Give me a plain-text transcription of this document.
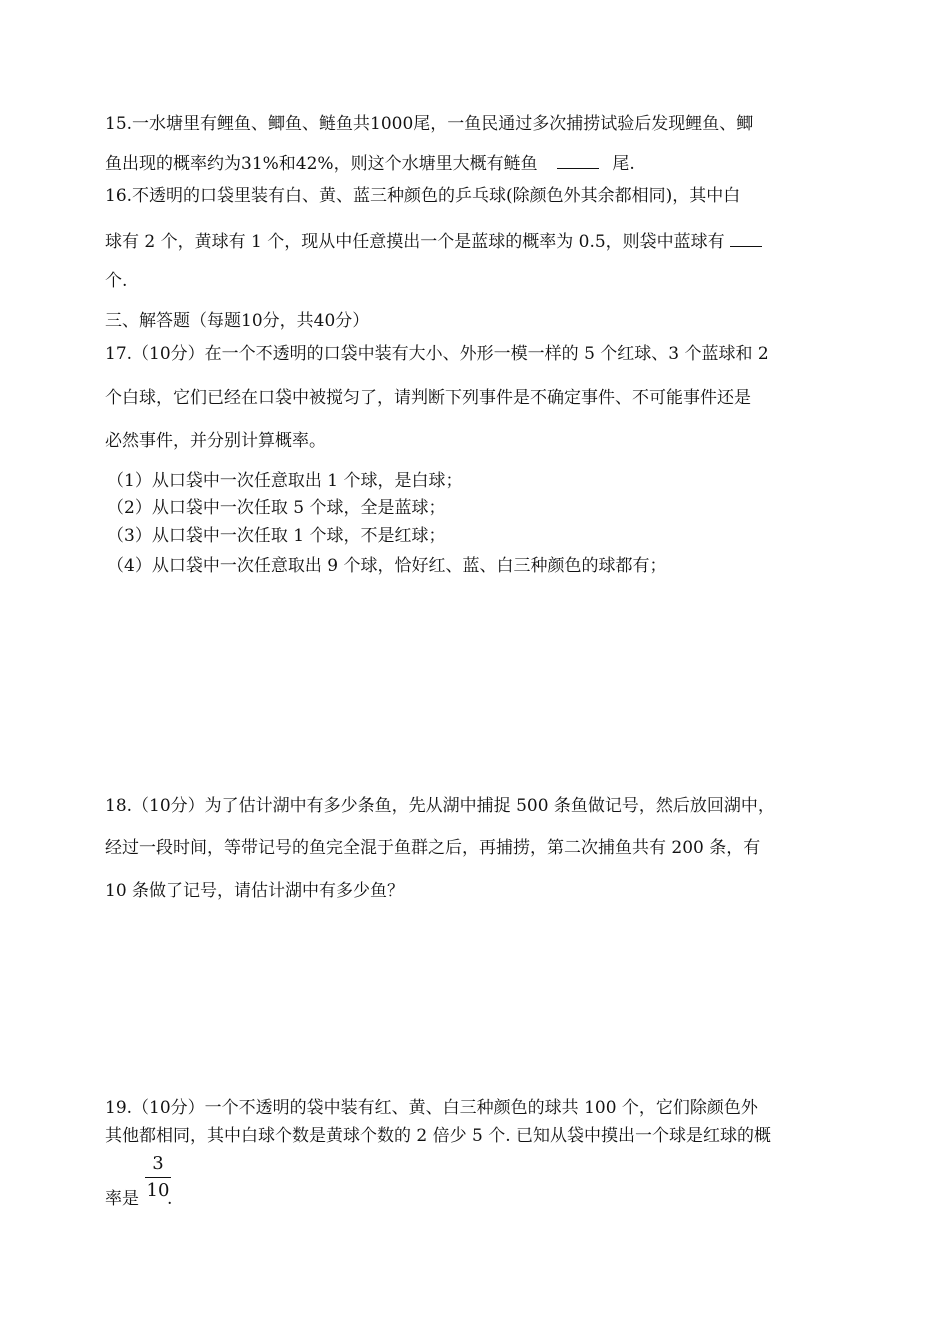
15.一水塘里有鲤鱼、鲫鱼、鲢鱼共1000尾，一鱼民通过多次捕捞试验后发现鲤鱼、鲫
鱼出现的概率约为31%和42%，则这个水塘里大概有鲢鱼	尾.
16.不透明的口袋里装有白、黄、蓝三种颜色的乒乓球(除颜色外其余都相同)，其中白
球有 2 个，黄球有 1 个，现从中任意摸出一个是蓝球的概率为 0.5，则袋中蓝球有
个.
三、解答题（每题10分，共40分）
17.（10分）在一个不透明的口袋中装有大小、外形一模一样的 5 个红球、3 个蓝球和 2
个白球，它们已经在口袋中被搅匀了，请判断下列事件是不确定事件、不可能事件还是
必然事件，并分别计算概率。
（1）从口袋中一次任意取出 1 个球，是白球；
（2）从口袋中一次任取 5 个球，全是蓝球；
（3）从口袋中一次任取 1 个球，不是红球；
（4）从口袋中一次任意取出 9 个球，恰好红、蓝、白三种颜色的球都有；
18.（10分）为了估计湖中有多少条鱼，先从湖中捕捉 500 条鱼做记号，然后放回湖中，
经过一段时间，等带记号的鱼完全混于鱼群之后，再捕捞，第二次捕鱼共有 200 条，有
10 条做了记号，请估计湖中有多少鱼？
19.（10分）一个不透明的袋中装有红、黄、白三种颜色的球共 100 个，它们除颜色外
其他都相同，其中白球个数是黄球个数的 2 倍少 5 个. 已知从袋中摸出一个球是红球的概
3
10
率是 .
